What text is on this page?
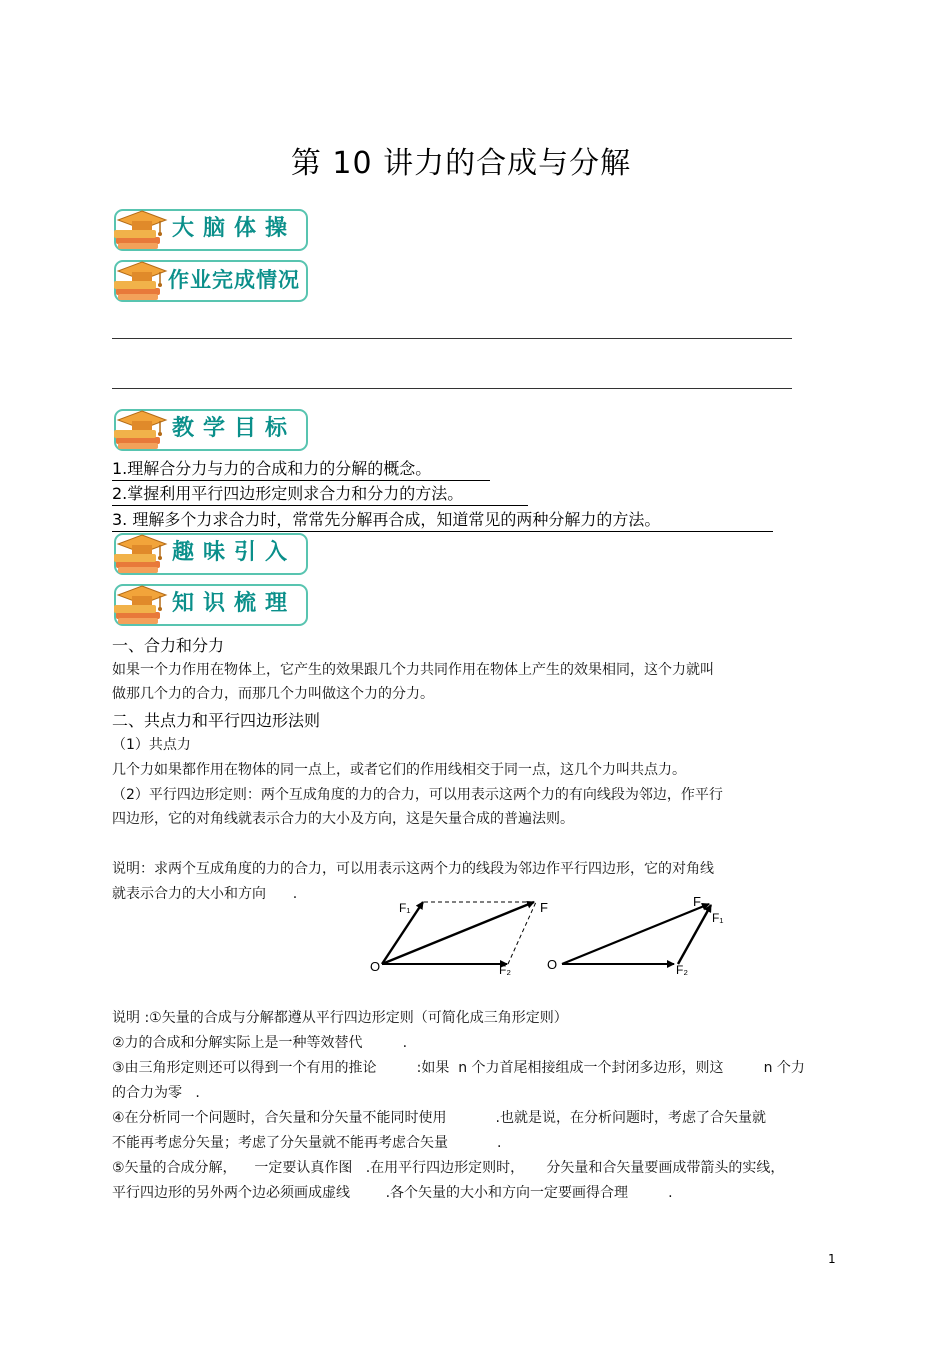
第 10 讲力的合成与分解
大脑体操
作业完成情况
教学目标
1.理解合分力与力的合成和力的分解的概念。
2.掌握利用平行四边形定则求合力和分力的方法。
3. 理解多个力求合力时，常常先分解再合成，知道常见的两种分解力的方法。
趣味引入
知识梳理
一、合力和分力
如果一个力作用在物体上，它产生的效果跟几个力共同作用在物体上产生的效果相同，这个力就叫
做那几个力的合力，而那几个力叫做这个力的分力。
二、共点力和平行四边形法则
（1）共点力
几个力如果都作用在物体的同一点上，或者它们的作用线相交于同一点，这几个力叫共点力。
（2）平行四边形定则：两个互成角度的力的合力，可以用表示这两个力的有向线段为邻边，作平行
四边形，它的对角线就表示合力的大小及方向，这是矢量合成的普遍法则。
说明：求两个互成角度的力的合力，可以用表示这两个力的线段为邻边作平行四边形，它的对角线
就表示合力的大小和方向      .
O
F₁
F₂
F
O
F
F₁
F₂
说明 :①矢量的合成与分解都遵从平行四边形定则（可简化成三角形定则）
②力的合成和分解实际上是一种等效替代         .
③由三角形定则还可以得到一个有用的推论         :如果  n 个力首尾相接组成一个封闭多边形，则这         n 个力
的合力为零   .
④在分析同一个问题时，合矢量和分矢量不能同时使用           .也就是说，在分析问题时，考虑了合矢量就
不能再考虑分矢量；考虑了分矢量就不能再考虑合矢量           .
⑤矢量的合成分解，    一定要认真作图   .在用平行四边形定则时，     分矢量和合矢量要画成带箭头的实线，
平行四边形的另外两个边必须画成虚线        .各个矢量的大小和方向一定要画得合理         .
1
